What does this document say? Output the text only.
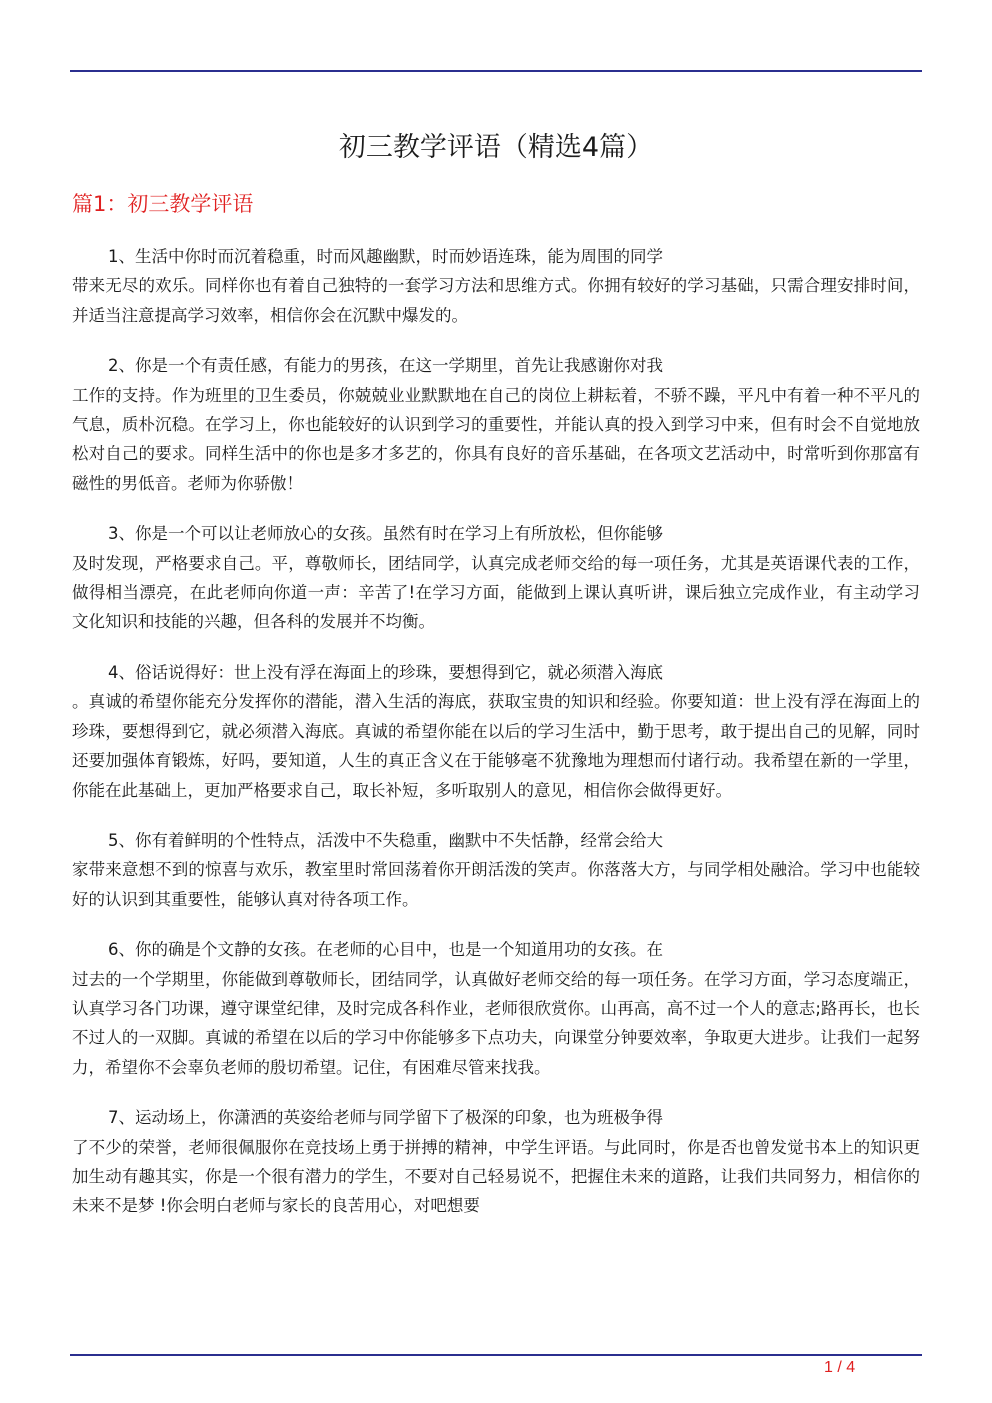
初三教学评语（精选4篇）
篇1：初三教学评语

1、生活中你时而沉着稳重，时而风趣幽默，时而妙语连珠，能为周围的同学
带来无尽的欢乐。同样你也有着自己独特的一套学习方法和思维方式。你拥有较好的学习基础，只需合理安排时间，并适当注意提高学习效率，相信你会在沉默中爆发的。

2、你是一个有责任感，有能力的男孩，在这一学期里，首先让我感谢你对我
工作的支持。作为班里的卫生委员，你兢兢业业默默地在自己的岗位上耕耘着，不骄不躁，平凡中有着一种不平凡的气息，质朴沉稳。在学习上，你也能较好的认识到学习的重要性，并能认真的投入到学习中来，但有时会不自觉地放松对自己的要求。同样生活中的你也是多才多艺的，你具有良好的音乐基础，在各项文艺活动中，时常听到你那富有磁性的男低音。老师为你骄傲！

3、你是一个可以让老师放心的女孩。虽然有时在学习上有所放松，但你能够
及时发现，严格要求自己。平，尊敬师长，团结同学，认真完成老师交给的每一项任务，尤其是英语课代表的工作，做得相当漂亮，在此老师向你道一声：辛苦了!在学习方面，能做到上课认真听讲，课后独立完成作业，有主动学习文化知识和技能的兴趣，但各科的发展并不均衡。

4、俗话说得好：世上没有浮在海面上的珍珠，要想得到它，就必须潜入海底
。真诚的希望你能充分发挥你的潜能，潜入生活的海底，获取宝贵的知识和经验。你要知道：世上没有浮在海面上的珍珠，要想得到它，就必须潜入海底。真诚的希望你能在以后的学习生活中，勤于思考，敢于提出自己的见解，同时还要加强体育锻炼，好吗，要知道，人生的真正含义在于能够毫不犹豫地为理想而付诸行动。我希望在新的一学里，你能在此基础上，更加严格要求自己，取长补短，多听取别人的意见，相信你会做得更好。

5、你有着鲜明的个性特点，活泼中不失稳重，幽默中不失恬静，经常会给大
家带来意想不到的惊喜与欢乐，教室里时常回荡着你开朗活泼的笑声。你落落大方，与同学相处融洽。学习中也能较好的认识到其重要性，能够认真对待各项工作。

6、你的确是个文静的女孩。在老师的心目中，也是一个知道用功的女孩。在
过去的一个学期里，你能做到尊敬师长，团结同学，认真做好老师交给的每一项任务。在学习方面，学习态度端正，认真学习各门功课，遵守课堂纪律，及时完成各科作业，老师很欣赏你。山再高，高不过一个人的意志;路再长，也长不过人的一双脚。真诚的希望在以后的学习中你能够多下点功夫，向课堂分钟要效率，争取更大进步。让我们一起努力，希望你不会辜负老师的殷切希望。记住，有困难尽管来找我。

7、运动场上，你潇洒的英姿给老师与同学留下了极深的印象，也为班极争得
了不少的荣誉，老师很佩服你在竞技场上勇于拼搏的精神，中学生评语。与此同时，你是否也曾发觉书本上的知识更加生动有趣其实，你是一个很有潜力的学生，不要对自己轻易说不，把握住未来的道路，让我们共同努力，相信你的未来不是梦 !你会明白老师与家长的良苦用心，对吧想要

1 / 4
